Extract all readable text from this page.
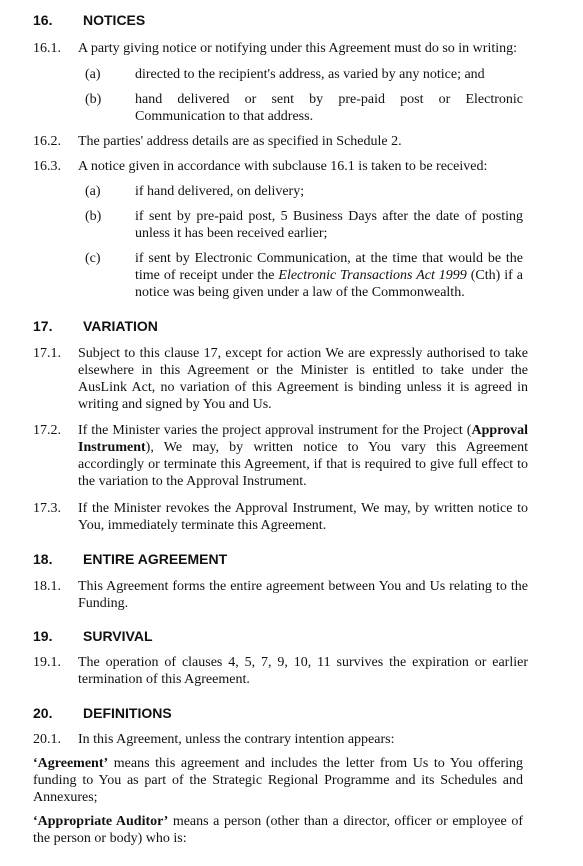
16. NOTICES
16.1. A party giving notice or notifying under this Agreement must do so in writing:
(a) directed to the recipient's address, as varied by any notice; and
(b) hand delivered or sent by pre-paid post or Electronic Communication to that address.
16.2. The parties' address details are as specified in Schedule 2.
16.3. A notice given in accordance with subclause 16.1 is taken to be received:
(a) if hand delivered, on delivery;
(b) if sent by pre-paid post, 5 Business Days after the date of posting unless it has been received earlier;
(c) if sent by Electronic Communication, at the time that would be the time of receipt under the Electronic Transactions Act 1999 (Cth) if a notice was being given under a law of the Commonwealth.
17. VARIATION
17.1. Subject to this clause 17, except for action We are expressly authorised to take elsewhere in this Agreement or the Minister is entitled to take under the AusLink Act, no variation of this Agreement is binding unless it is agreed in writing and signed by You and Us.
17.2. If the Minister varies the project approval instrument for the Project (Approval Instrument), We may, by written notice to You vary this Agreement accordingly or terminate this Agreement, if that is required to give full effect to the variation to the Approval Instrument.
17.3. If the Minister revokes the Approval Instrument, We may, by written notice to You, immediately terminate this Agreement.
18. ENTIRE AGREEMENT
18.1. This Agreement forms the entire agreement between You and Us relating to the Funding.
19. SURVIVAL
19.1. The operation of clauses 4, 5, 7, 9, 10, 11 survives the expiration or earlier termination of this Agreement.
20. DEFINITIONS
20.1. In this Agreement, unless the contrary intention appears:
‘Agreement’ means this agreement and includes the letter from Us to You offering funding to You as part of the Strategic Regional Programme and its Schedules and Annexures;
‘Appropriate Auditor’ means a person (other than a director, officer or employee of the person or body) who is:
